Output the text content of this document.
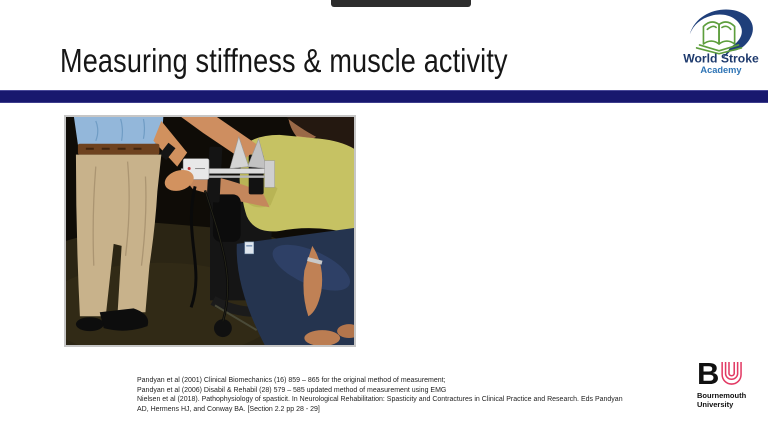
Measuring stiffness & muscle activity	World Stroke
Academy
Pandyan et al (2001) Clinical Biomechanics (16) 859 – 865 for the original method of measurement;
Pandyan et al (2006) Disabil & Rehabil (28) 579 – 585 updated method of measurement using EMG
Nielsen et al (2018). Pathophysiology of spasticit. In Neurological Rehabilitation: Spasticity and Contractures in Clinical Practice and Research. Eds Pandyan
AD, Hermens HJ, and Conway BA. [Section 2.2 pp 28 - 29]
B
Bournemouth
University
